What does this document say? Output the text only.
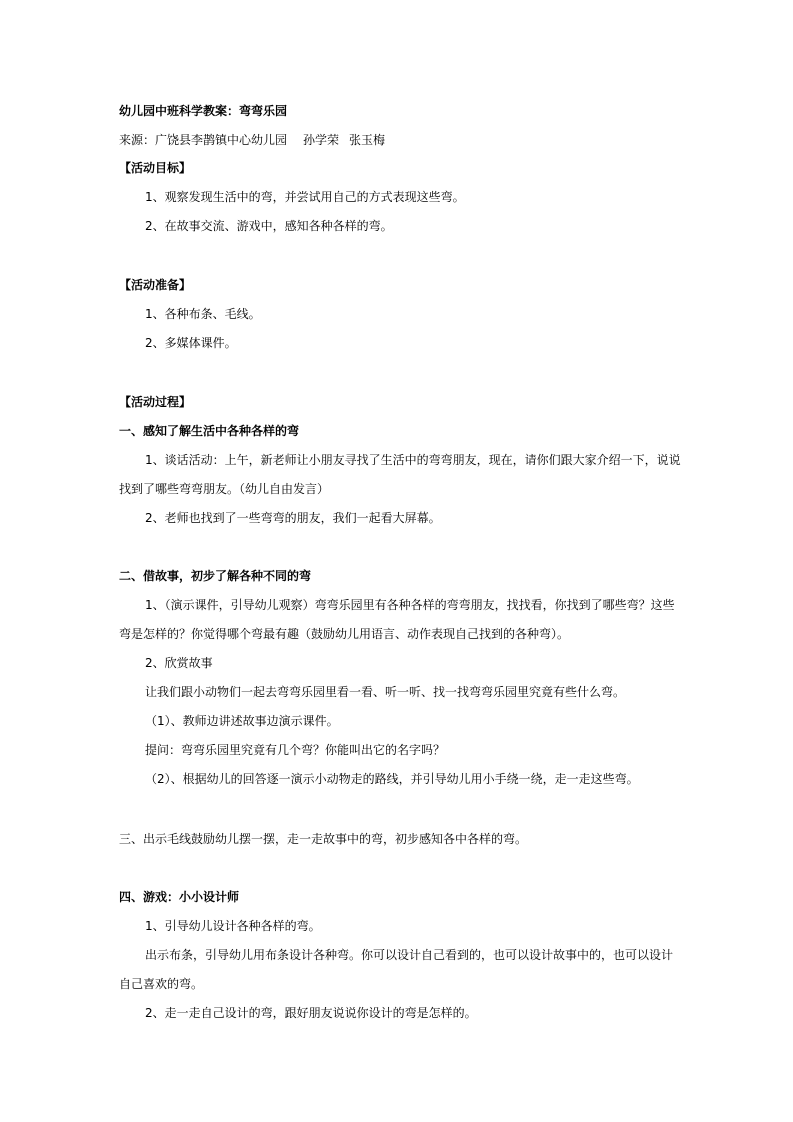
幼儿园中班科学教案：弯弯乐园
来源：广饶县李鹊镇中心幼儿园 孙学荣 张玉梅
【活动目标】
1、观察发现生活中的弯，并尝试用自己的方式表现这些弯。
2、在故事交流、游戏中，感知各种各样的弯。
【活动准备】
1、各种布条、毛线。
2、多媒体课件。
【活动过程】
一、感知了解生活中各种各样的弯
1、谈话活动：上午，新老师让小朋友寻找了生活中的弯弯朋友，现在，请你们跟大家介绍一下，说说
找到了哪些弯弯朋友。（幼儿自由发言）
2、老师也找到了一些弯弯的朋友，我们一起看大屏幕。
二、借故事，初步了解各种不同的弯
1、（演示课件，引导幼儿观察）弯弯乐园里有各种各样的弯弯朋友，找找看，你找到了哪些弯？这些
弯是怎样的？你觉得哪个弯最有趣（鼓励幼儿用语言、动作表现自己找到的各种弯）。
2、欣赏故事
让我们跟小动物们一起去弯弯乐园里看一看、听一听、找一找弯弯乐园里究竟有些什么弯。
（1）、教师边讲述故事边演示课件。
提问：弯弯乐园里究竟有几个弯？你能叫出它的名字吗？
（2）、根据幼儿的回答逐一演示小动物走的路线，并引导幼儿用小手绕一绕，走一走这些弯。
三、出示毛线鼓励幼儿摆一摆，走一走故事中的弯，初步感知各中各样的弯。
四、游戏：小小设计师
1、引导幼儿设计各种各样的弯。
出示布条，引导幼儿用布条设计各种弯。你可以设计自己看到的，也可以设计故事中的，也可以设计
自己喜欢的弯。
2、走一走自己设计的弯，跟好朋友说说你设计的弯是怎样的。
